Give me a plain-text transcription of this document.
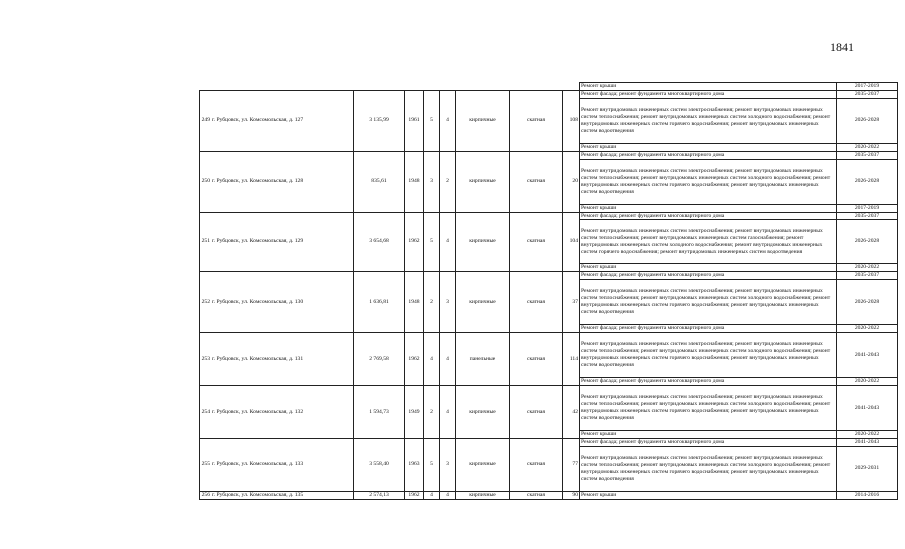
1841
									Ремонт крыши	2017-2019
249	г. Рубцовск, ул. Комсомольская, д. 127	3 135,99	1961	5	4	кирпичные	скатная	108	Ремонт фасада; ремонт фундамента многоквартирного дома	2035-2037
									Ремонт внутридомовых инженерных систем электроснабжения; ремонт внутридомовых инженерных систем теплоснабжения; ремонт внутридомовых инженерных систем холодного водоснабжения; ремонт внутридомовых инженерных систем горячего водоснабжения; ремонт внутридомовых инженерных систем водоотведения	2026-2028
									Ремонт крыши	2020-2022
250	г. Рубцовск, ул. Комсомольская, д. 128	835,61	1948	3	2	кирпичные	скатная	20	Ремонт фасада; ремонт фундамента многоквартирного дома	2035-2037
									Ремонт внутридомовых инженерных систем электроснабжения; ремонт внутридомовых инженерных систем теплоснабжения; ремонт внутридомовых инженерных систем холодного водоснабжения; ремонт внутридомовых инженерных систем горячего водоснабжения; ремонт внутридомовых инженерных систем водоотведения	2026-2028
									Ремонт крыши	2017-2019
251	г. Рубцовск, ул. Комсомольская, д. 129	3 654,68	1962	5	4	кирпичные	скатная	104	Ремонт фасада; ремонт фундамента многоквартирного дома	2035-2037
									Ремонт внутридомовых инженерных систем электроснабжения; ремонт внутридомовых инженерных систем теплоснабжения; ремонт внутридомовых инженерных систем газоснабжения; ремонт внутридомовых инженерных систем холодного водоснабжения; ремонт внутридомовых инженерных систем горячего водоснабжения; ремонт внутридомовых инженерных систем водоотведения	2026-2028
									Ремонт крыши	2020-2022
252	г. Рубцовск, ул. Комсомольская, д. 130	1 636,81	1948	2	3	кирпичные	скатная	37	Ремонт фасада; ремонт фундамента многоквартирного дома	2035-2037
									Ремонт внутридомовых инженерных систем электроснабжения; ремонт внутридомовых инженерных систем теплоснабжения; ремонт внутридомовых инженерных систем холодного водоснабжения; ремонт внутридомовых инженерных систем горячего водоснабжения; ремонт внутридомовых инженерных систем водоотведения	2026-2028
									Ремонт фасада; ремонт фундамента многоквартирного дома	2020-2022
253	г. Рубцовск, ул. Комсомольская, д. 131	2 769,58	1962	4	4	панельные	скатная	114	Ремонт внутридомовых инженерных систем электроснабжения; ремонт внутридомовых инженерных систем теплоснабжения; ремонт внутридомовых инженерных систем холодного водоснабжения; ремонт внутридомовых инженерных систем горячего водоснабжения; ремонт внутридомовых инженерных систем водоотведения	2041-2043
									Ремонт фасада; ремонт фундамента многоквартирного дома	2020-2022
254	г. Рубцовск, ул. Комсомольская, д. 132	1 594,73	1949	2	4	кирпичные	скатная	42	Ремонт внутридомовых инженерных систем электроснабжения; ремонт внутридомовых инженерных систем теплоснабжения; ремонт внутридомовых инженерных систем холодного водоснабжения; ремонт внутридомовых инженерных систем горячего водоснабжения; ремонт внутридомовых инженерных систем водоотведения	2041-2043
									Ремонт крыши	2020-2022
255	г. Рубцовск, ул. Комсомольская, д. 133	3 558,40	1963	5	3	кирпичные	скатная	77	Ремонт фасада; ремонт фундамента многоквартирного дома	2041-2043
									Ремонт внутридомовых инженерных систем электроснабжения; ремонт внутридомовых инженерных систем теплоснабжения; ремонт внутридомовых инженерных систем холодного водоснабжения; ремонт внутридомовых инженерных систем горячего водоснабжения; ремонт внутридомовых инженерных систем водоотведения	2029-2031
256	г. Рубцовск, ул. Комсомольская, д. 135	2 574,13	1962	4	4	кирпичные	скатная	90	Ремонт крыши	2014-2016
